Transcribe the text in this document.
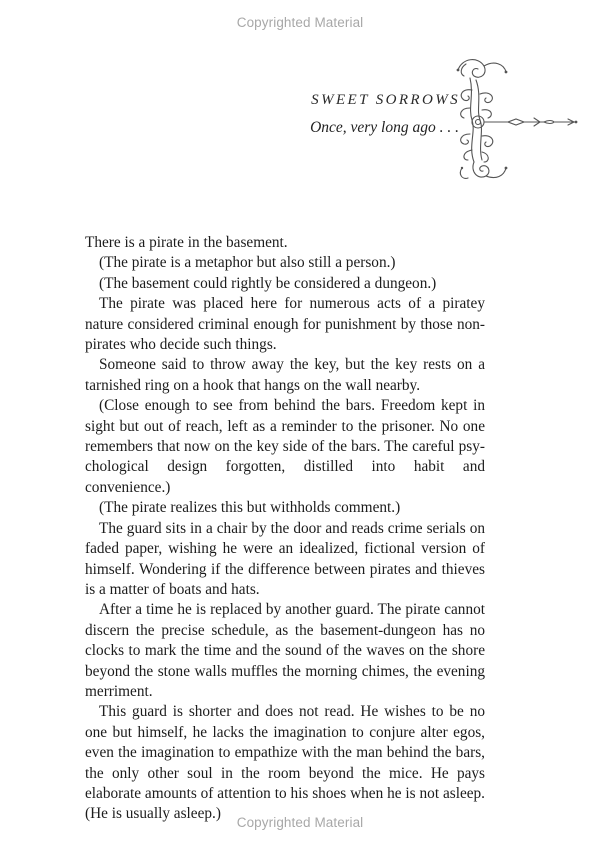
Copyrighted Material
SWEET SORROWS
Once, very long ago . . .

There is a pirate in the basement.

(The pirate is a metaphor but also still a person.)

(The basement could rightly be considered a dungeon.)

The pirate was placed here for numerous acts of a piratey nature considered criminal enough for punishment by those non-pirates who decide such things.

Someone said to throw away the key, but the key rests on a tarnished ring on a hook that hangs on the wall nearby.

(Close enough to see from behind the bars. Freedom kept in sight but out of reach, left as a reminder to the prisoner. No one remembers that now on the key side of the bars. The careful psychological design forgotten, distilled into habit and convenience.)

(The pirate realizes this but withholds comment.)

The guard sits in a chair by the door and reads crime serials on faded paper, wishing he were an idealized, fictional version of himself. Wondering if the difference between pirates and thieves is a matter of boats and hats.

After a time he is replaced by another guard. The pirate cannot discern the precise schedule, as the basement-dungeon has no clocks to mark the time and the sound of the waves on the shore beyond the stone walls muffles the morning chimes, the evening merriment.

This guard is shorter and does not read. He wishes to be no one but himself, he lacks the imagination to conjure alter egos, even the imagination to empathize with the man behind the bars, the only other soul in the room beyond the mice. He pays elaborate amounts of attention to his shoes when he is not asleep. (He is usually asleep.)

Copyrighted Material
